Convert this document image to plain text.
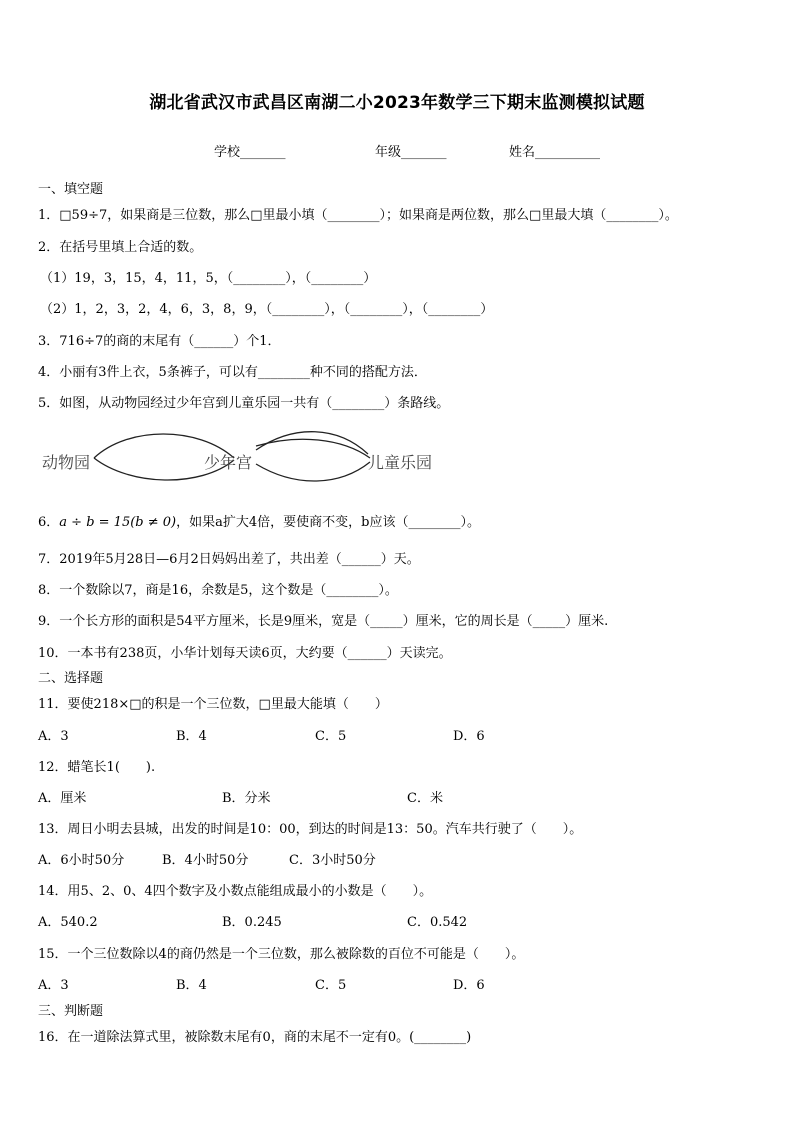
湖北省武汉市武昌区南湖二小2023年数学三下期末监测模拟试题
学校_______	年级_______	姓名__________
一、填空题
1．□59÷7，如果商是三位数，那么□里最小填（________）；如果商是两位数，那么□里最大填（________）。
2．在括号里填上合适的数。
（1）19，3，15，4，11，5，（________），（________）
（2）1，2，3，2，4，6，3，8，9，（________），（________），（________）
3．716÷7的商的末尾有（______）个1．
4．小丽有3件上衣，5条裤子，可以有________种不同的搭配方法．
5．如图，从动物园经过少年宫到儿童乐园一共有（________）条路线。
动物园	少年宫	儿童乐园
6．a ÷ b = 15(b ≠ 0)，如果a扩大4倍，要使商不变，b应该（________）。
7．2019年5月28日—6月2日妈妈出差了，共出差（______）天。
8．一个数除以7，商是16，余数是5，这个数是（________）。
9．一个长方形的面积是54平方厘米，长是9厘米，宽是（_____）厘米，它的周长是（_____）厘米.
10．一本书有238页，小华计划每天读6页，大约要（______）天读完。
二、选择题
11．要使218×□的积是一个三位数，□里最大能填（　　）
A．3	B．4	C．5	D．6
12．蜡笔长1(　　).
A．厘米	B．分米	C．米
13．周日小明去县城，出发的时间是10：00，到达的时间是13：50。汽车共行驶了（　　）。
A．6小时50分	B．4小时50分	C．3小时50分
14．用5、2、0、4四个数字及小数点能组成最小的小数是（　　）。
A．540.2	B．0.245	C．0.542
15．一个三位数除以4的商仍然是一个三位数，那么被除数的百位不可能是（　　）。
A．3	B．4	C．5	D．6
三、判断题
16．在一道除法算式里，被除数末尾有0，商的末尾不一定有0。(________)
